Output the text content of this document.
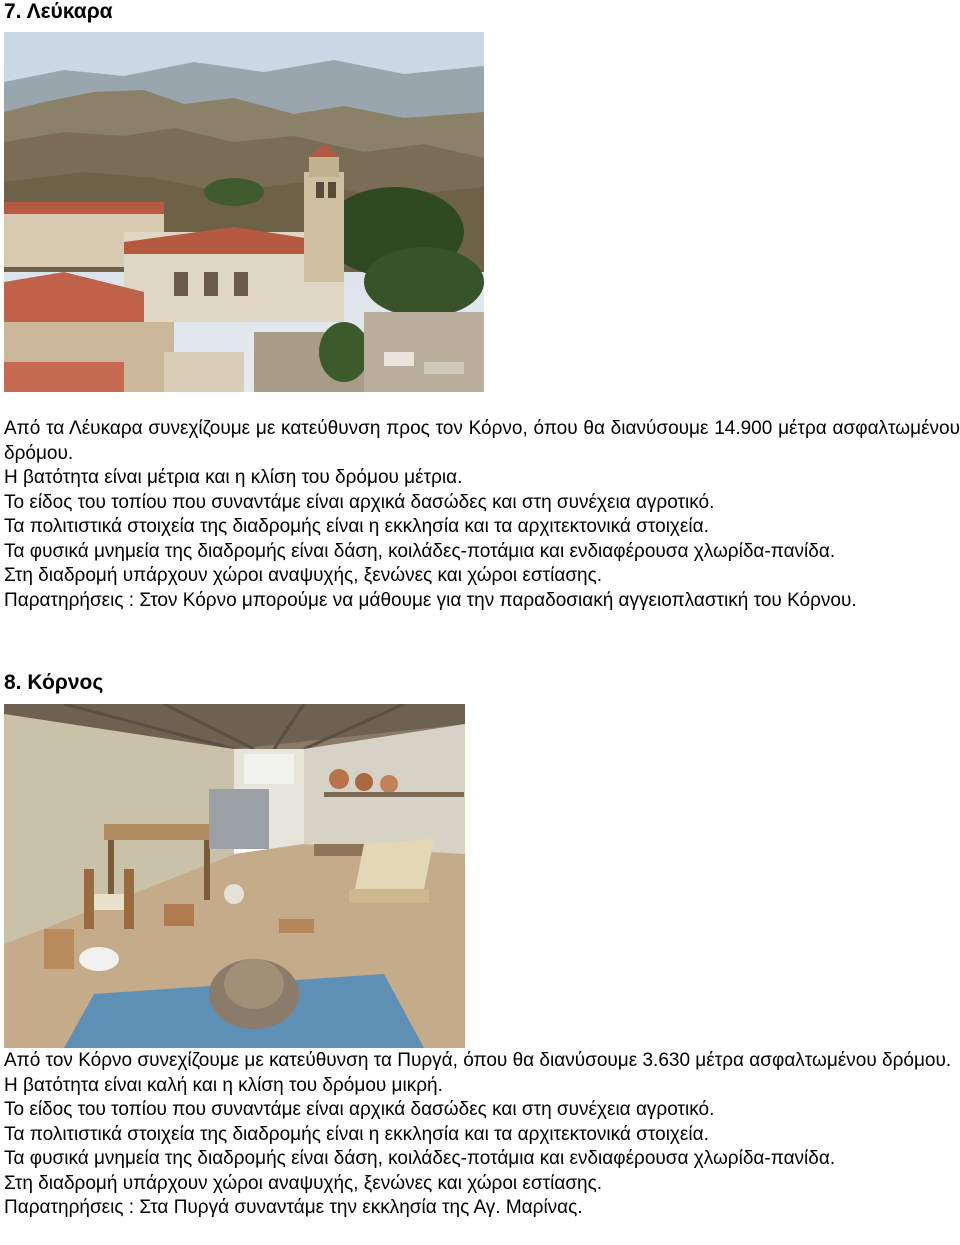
7. Λεύκαρα

Από τα Λέυκαρα συνεχίζουμε με κατεύθυνση προς τον Κόρνο, όπου θα διανύσουμε 14.900 μέτρα ασφαλτωμένου δρόμου.

Η βατότητα είναι μέτρια και η κλίση του δρόμου μέτρια.

Το είδος του τοπίου που συναντάμε είναι αρχικά δασώδες και στη συνέχεια αγροτικό.

Τα πολιτιστικά στοιχεία της διαδρομής είναι η εκκλησία και τα αρχιτεκτονικά στοιχεία.

Τα φυσικά μνημεία της διαδρομής είναι δάση, κοιλάδες-ποτάμια και ενδιαφέρουσα χλωρίδα-πανίδα.

Στη διαδρομή υπάρχουν χώροι αναψυχής, ξενώνες και χώροι εστίασης.

Παρατηρήσεις : Στον Κόρνο μπορούμε να μάθουμε για την παραδοσιακή αγγειοπλαστική του Κόρνου.

8. Κόρνος

Από τον Κόρνο συνεχίζουμε με κατεύθυνση τα Πυργά, όπου θα διανύσουμε 3.630 μέτρα ασφαλτωμένου δρόμου.

Η βατότητα είναι καλή και η κλίση του δρόμου μικρή.

Το είδος του τοπίου που συναντάμε είναι αρχικά δασώδες και στη συνέχεια αγροτικό.

Τα πολιτιστικά στοιχεία της διαδρομής είναι η εκκλησία και τα αρχιτεκτονικά στοιχεία.

Τα φυσικά μνημεία της διαδρομής είναι δάση, κοιλάδες-ποτάμια και ενδιαφέρουσα χλωρίδα-πανίδα.

Στη διαδρομή υπάρχουν χώροι αναψυχής, ξενώνες και χώροι εστίασης.

Παρατηρήσεις : Στα Πυργά συναντάμε την εκκλησία της Αγ. Μαρίνας.
